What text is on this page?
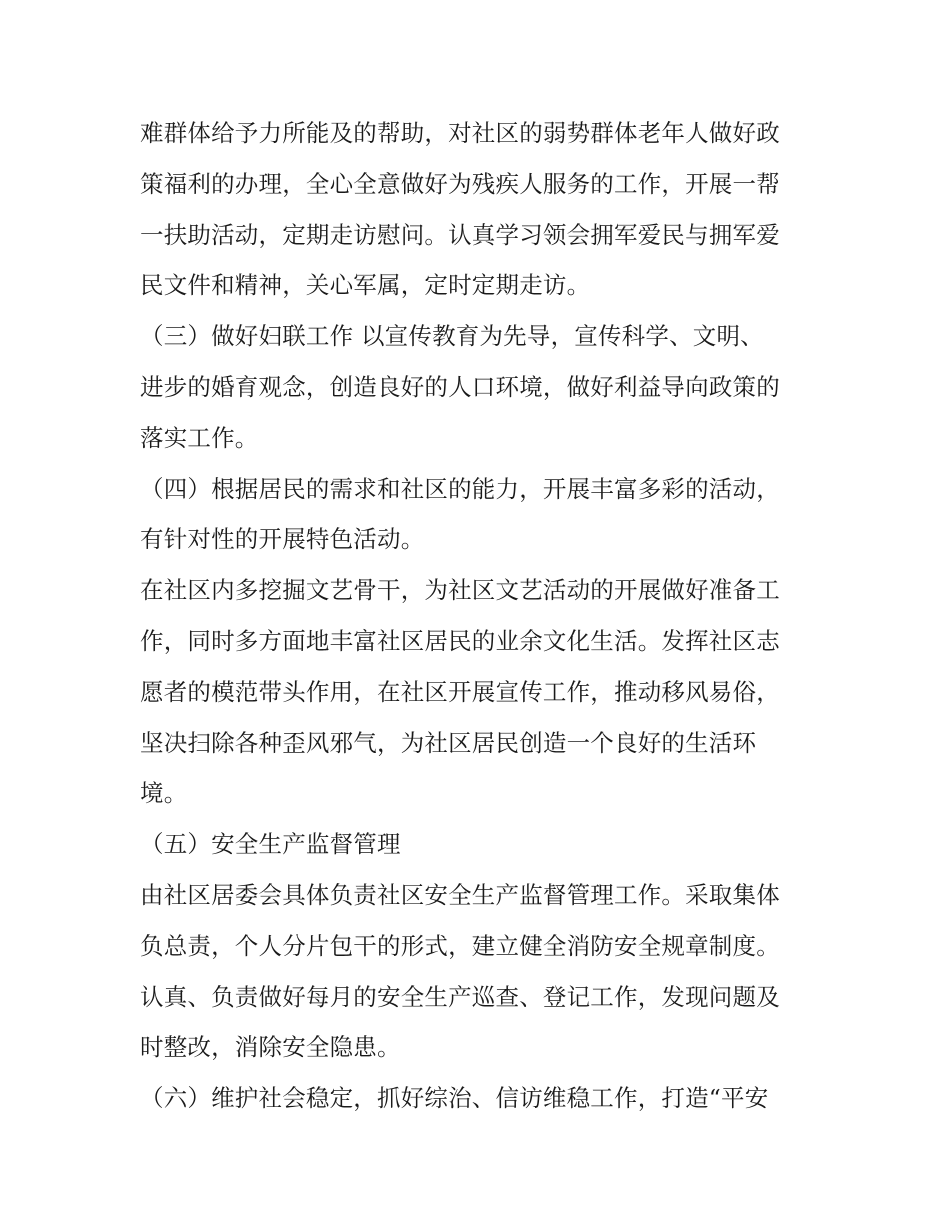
难群体给予力所能及的帮助，对社区的弱势群体老年人做好政
策福利的办理，全心全意做好为残疾人服务的工作，开展一帮
一扶助活动，定期走访慰问。认真学习领会拥军爱民与拥军爱
民文件和精神，关心军属，定时定期走访。
（三）做好妇联工作 以宣传教育为先导，宣传科学、文明、
进步的婚育观念，创造良好的人口环境，做好利益导向政策的
落实工作。
（四）根据居民的需求和社区的能力，开展丰富多彩的活动，
有针对性的开展特色活动。
在社区内多挖掘文艺骨干，为社区文艺活动的开展做好准备工
作，同时多方面地丰富社区居民的业余文化生活。发挥社区志
愿者的模范带头作用，在社区开展宣传工作，推动移风易俗，
坚决扫除各种歪风邪气，为社区居民创造一个良好的生活环
境。
（五）安全生产监督管理
由社区居委会具体负责社区安全生产监督管理工作。采取集体
负总责，个人分片包干的形式，建立健全消防安全规章制度。
认真、负责做好每月的安全生产巡查、登记工作，发现问题及
时整改，消除安全隐患。
（六）维护社会稳定，抓好综治、信访维稳工作，打造“平安
